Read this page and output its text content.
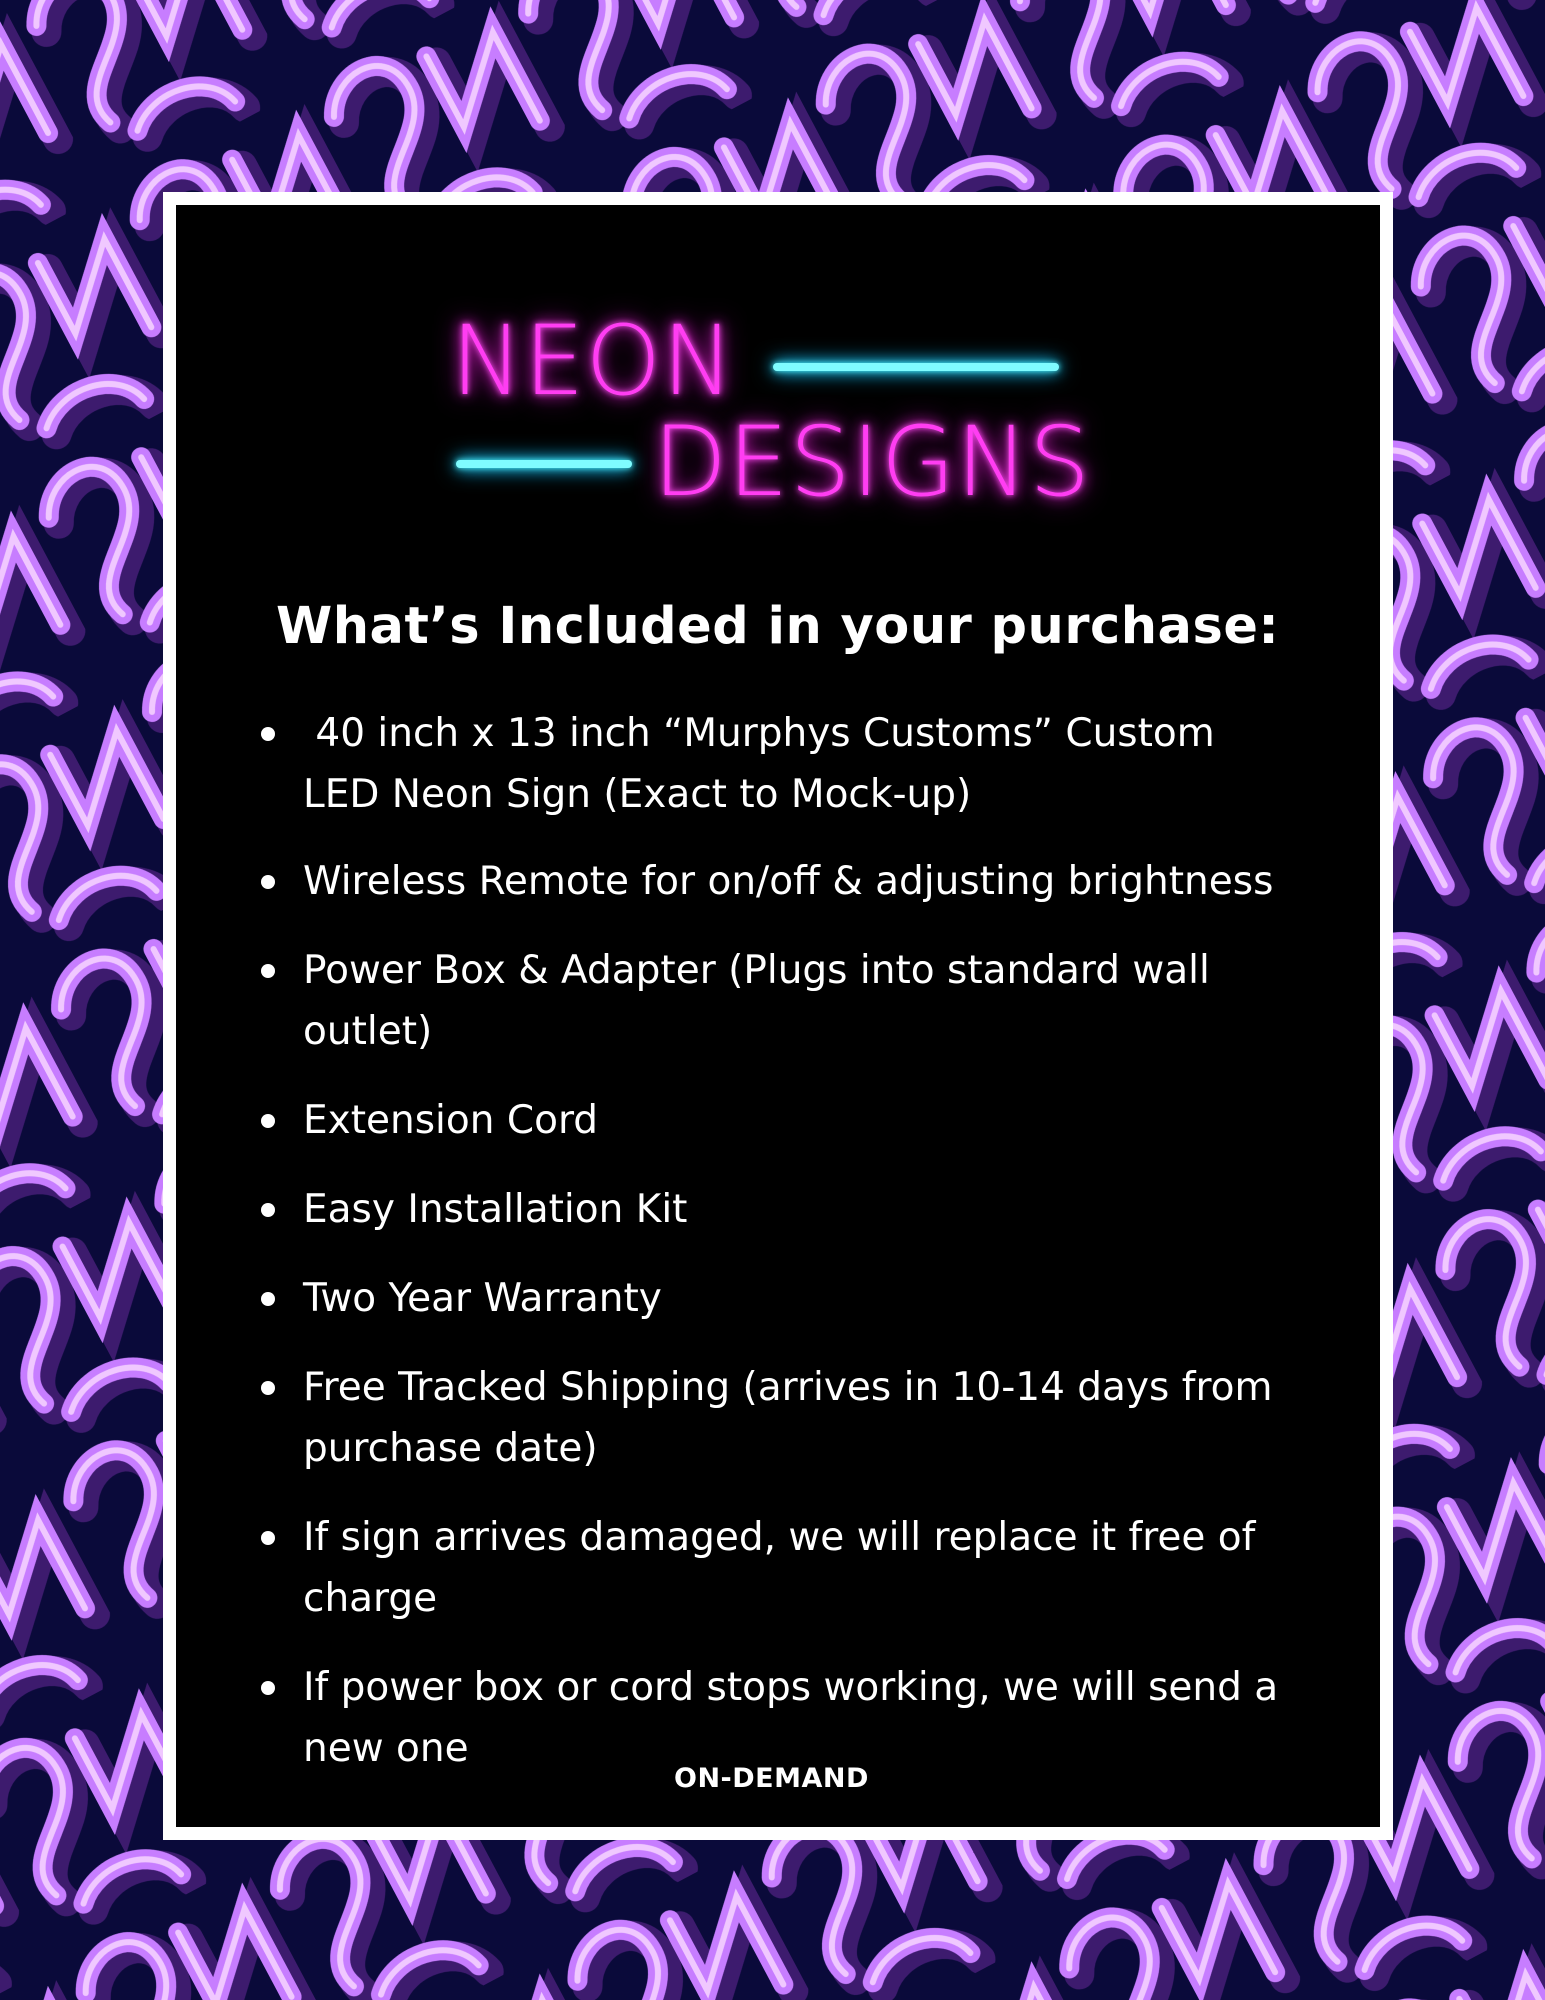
NEON
DESIGNS
What’s Included in your purchase:
40 inch x 13 inch “Murphys Customs” Custom
LED Neon Sign (Exact to Mock-up)
Wireless Remote for on/off & adjusting brightness
Power Box & Adapter (Plugs into standard wall
outlet)
Extension Cord
Easy Installation Kit
Two Year Warranty
Free Tracked Shipping (arrives in 10-14 days from
purchase date)
If sign arrives damaged, we will replace it free of
charge
If power box or cord stops working, we will send a
new one
ON-DEMAND
